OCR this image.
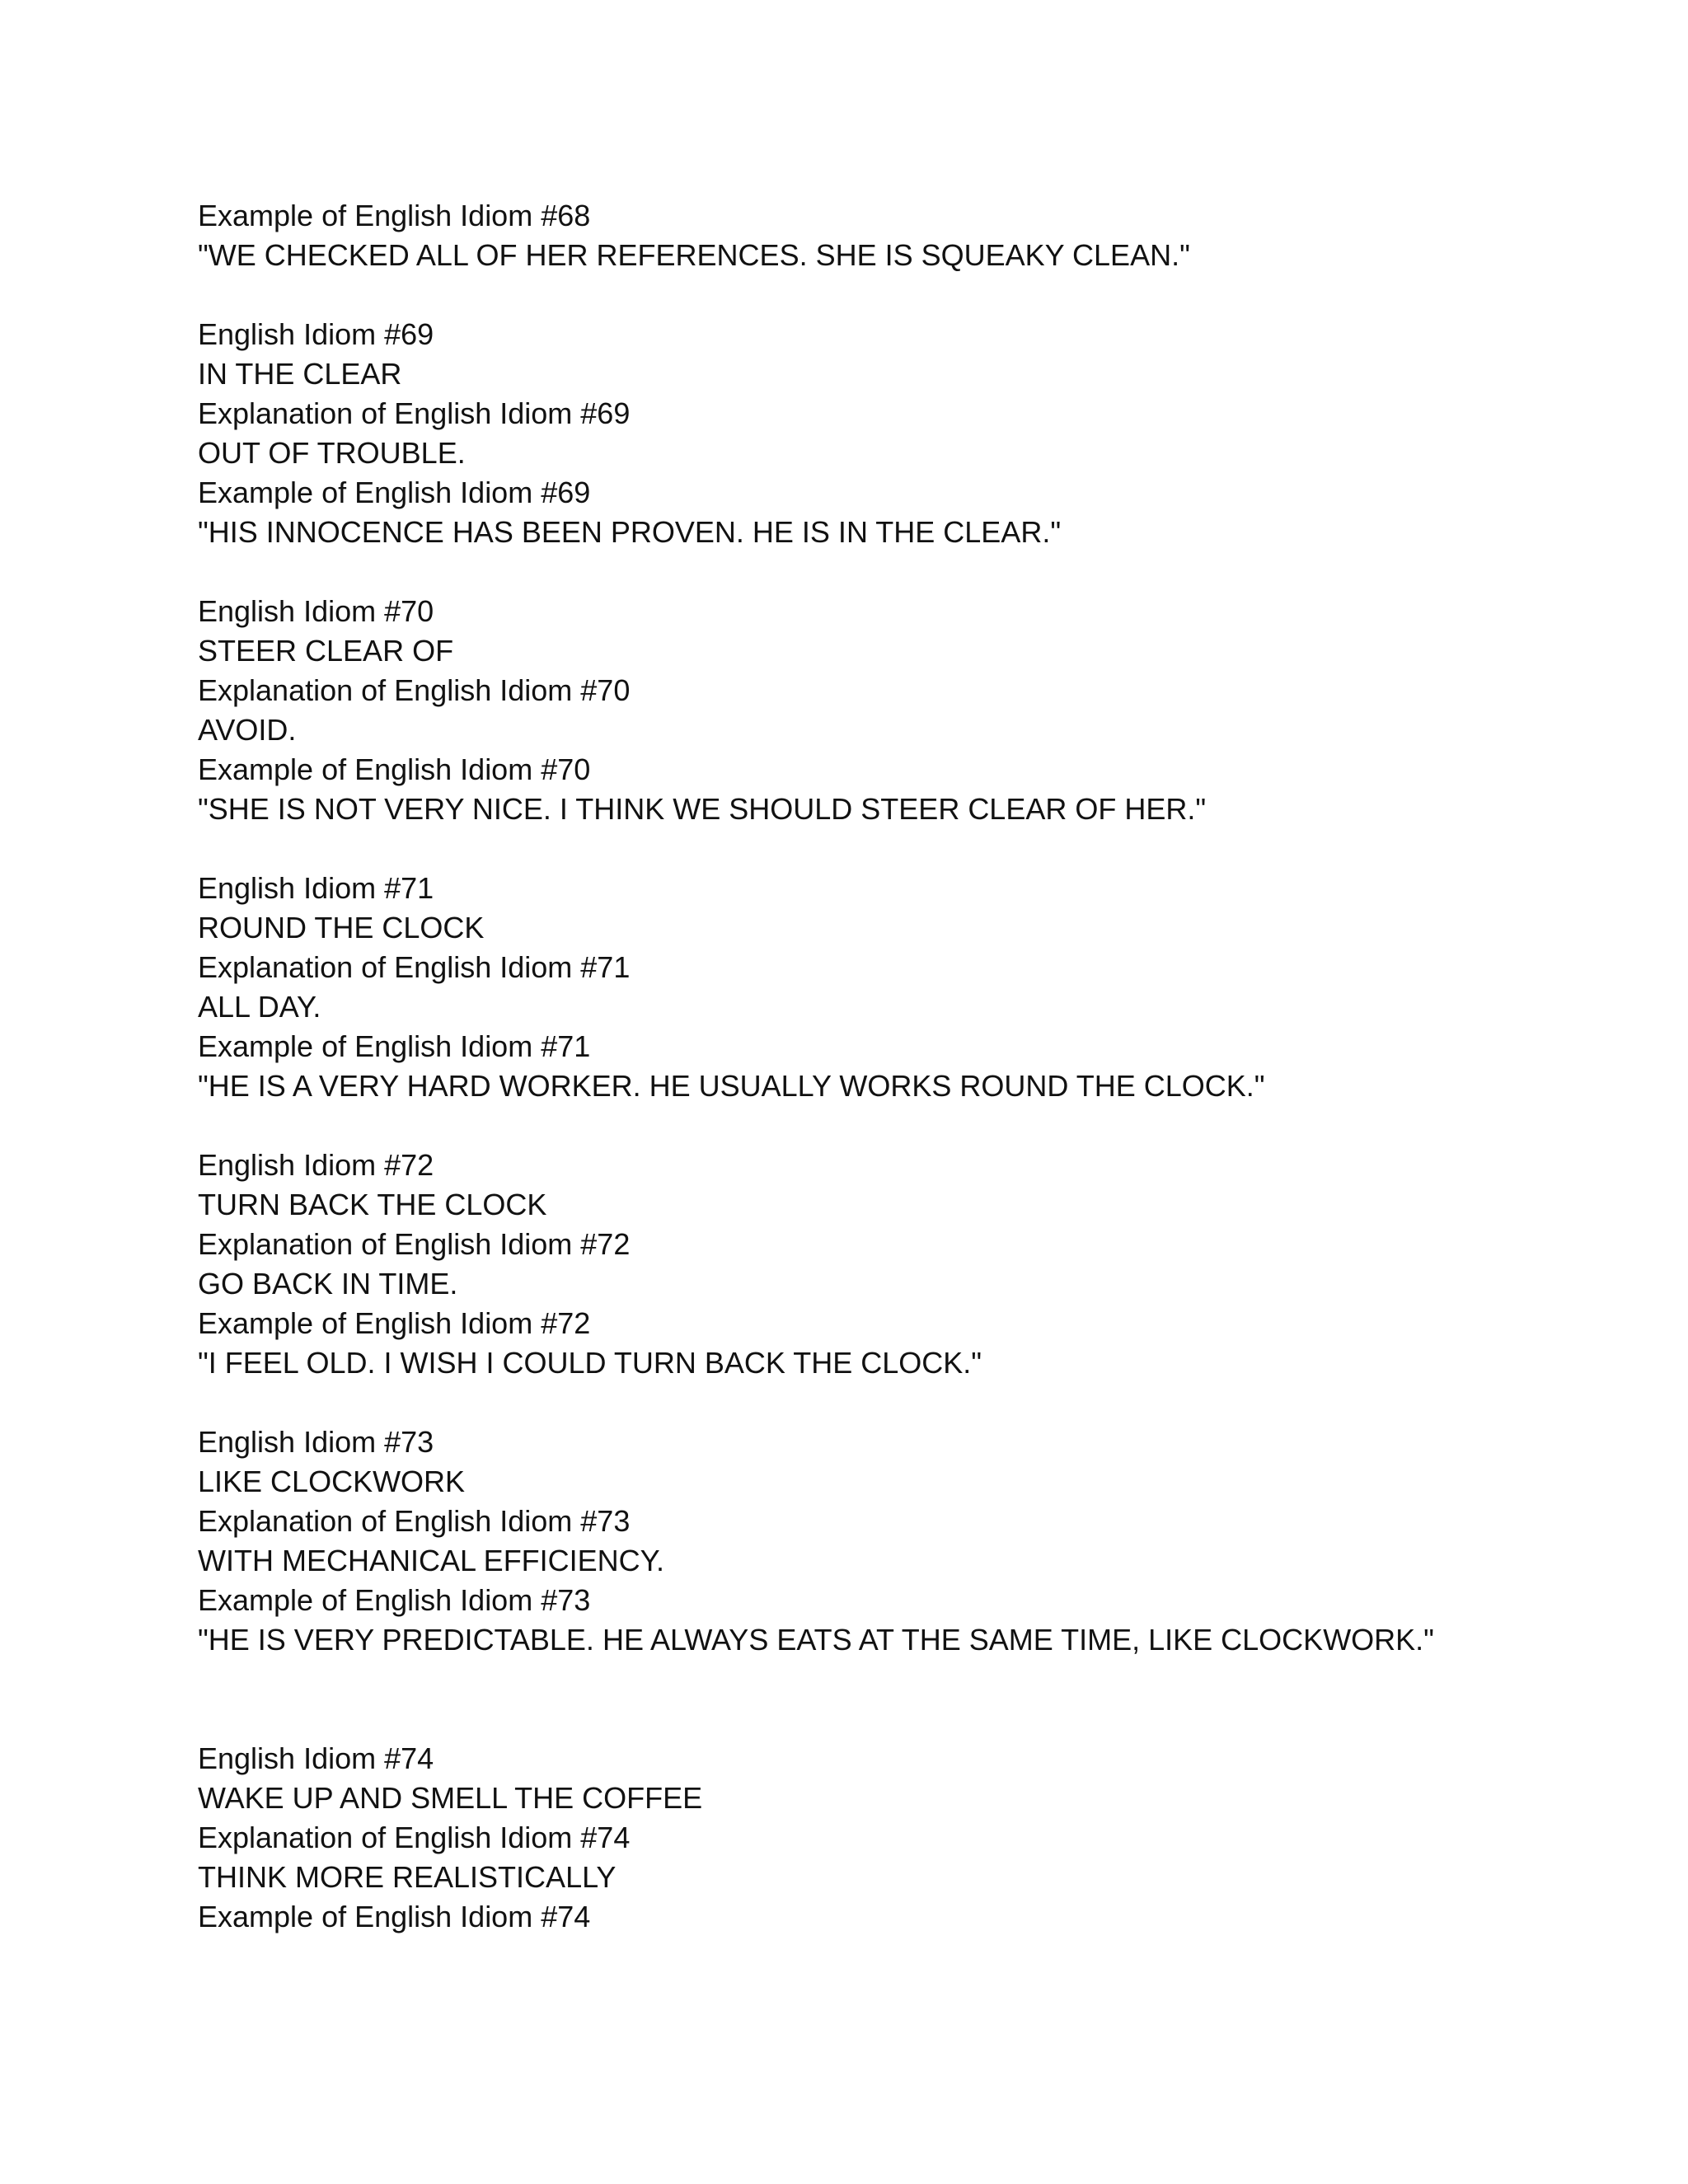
Example of English Idiom #68
"WE CHECKED ALL OF HER REFERENCES. SHE IS SQUEAKY CLEAN."
English Idiom #69
IN THE CLEAR
Explanation of English Idiom #69
OUT OF TROUBLE.
Example of English Idiom #69
"HIS INNOCENCE HAS BEEN PROVEN. HE IS IN THE CLEAR."
English Idiom #70
STEER CLEAR OF
Explanation of English Idiom #70
AVOID.
Example of English Idiom #70
"SHE IS NOT VERY NICE. I THINK WE SHOULD STEER CLEAR OF HER."
English Idiom #71
ROUND THE CLOCK
Explanation of English Idiom #71
ALL DAY.
Example of English Idiom #71
"HE IS A VERY HARD WORKER. HE USUALLY WORKS ROUND THE CLOCK."
English Idiom #72
TURN BACK THE CLOCK
Explanation of English Idiom #72
GO BACK IN TIME.
Example of English Idiom #72
"I FEEL OLD. I WISH I COULD TURN BACK THE CLOCK."
English Idiom #73
LIKE CLOCKWORK
Explanation of English Idiom #73
WITH MECHANICAL EFFICIENCY.
Example of English Idiom #73
"HE IS VERY PREDICTABLE. HE ALWAYS EATS AT THE SAME TIME, LIKE CLOCKWORK."
English Idiom #74
WAKE UP AND SMELL THE COFFEE
Explanation of English Idiom #74
THINK MORE REALISTICALLY
Example of English Idiom #74
